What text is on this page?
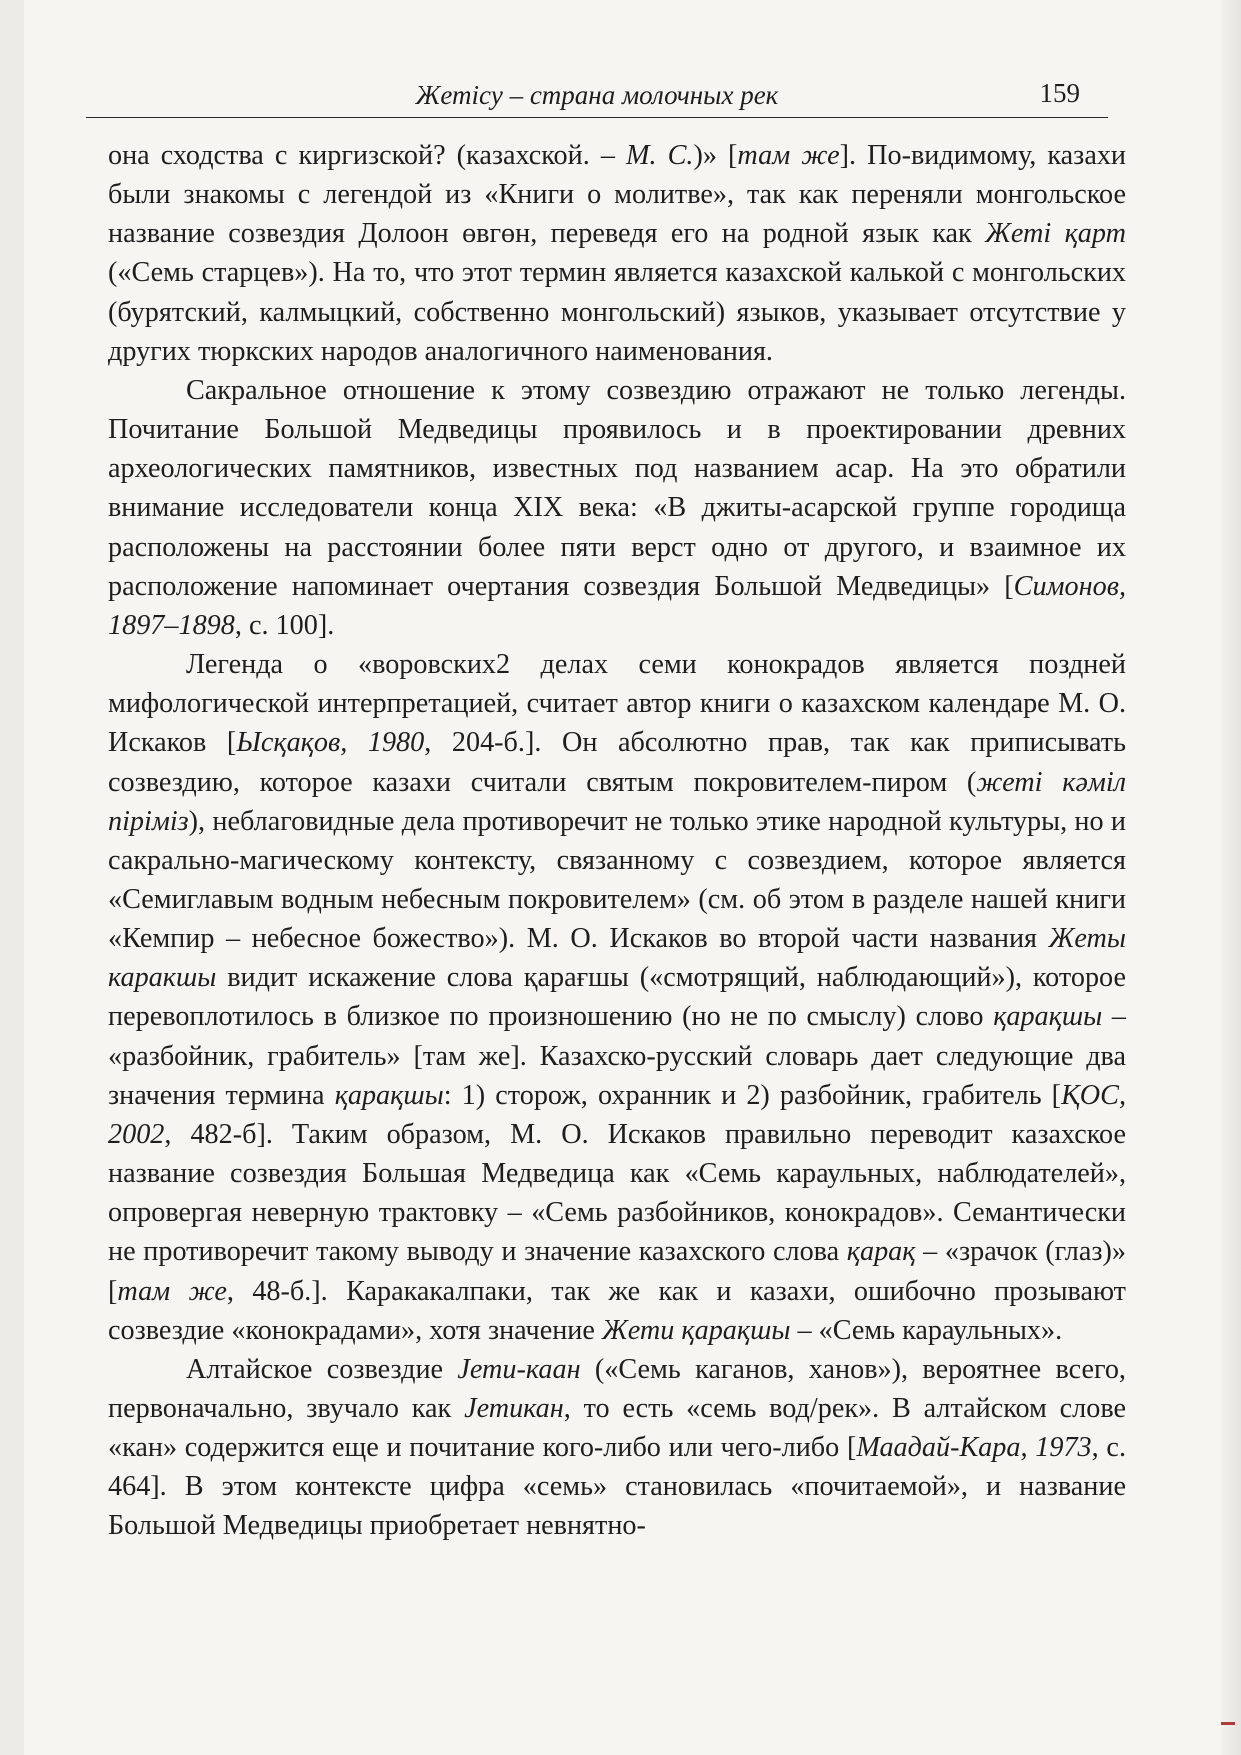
Жетісу – страна молочных рек	159

она сходства с киргизской? (казахской. – М. С.)» [там же]. По-видимому, казахи были знакомы с легендой из «Книги о молитве», так как переняли монгольское название созвездия Долоон өвгөн, переведя его на родной язык как Жеті қарт («Семь старцев»). На то, что этот термин является казахской калькой с монгольских (бурятский, калмыцкий, собственно монгольский) языков, указывает отсутствие у других тюркских народов аналогичного наименования.

Сакральное отношение к этому созвездию отражают не только легенды. Почитание Большой Медведицы проявилось и в проектировании древних археологических памятников, известных под названием асар. На это обратили внимание исследователи конца XIX века: «В джиты-асарской группе городища расположены на расстоянии более пяти верст одно от другого, и взаимное их расположение напоминает очертания созвездия Большой Медведицы» [Симонов, 1897–1898, с. 100].

Легенда о «воровских2 делах семи конокрадов является поздней мифологической интерпретацией, считает автор книги о казахском календаре М. О. Искаков [Ысқақов, 1980, 204-б.]. Он абсолютно прав, так как приписывать созвездию, которое казахи считали святым покровителем-пиром (жеті кәміл піріміз), неблаговидные дела противоречит не только этике народной культуры, но и сакрально-магическому контексту, связанному с созвездием, которое является «Семиглавым водным небесным покровителем» (см. об этом в разделе нашей книги «Кемпир – небесное божество»). М. О. Искаков во второй части названия Жеты каракшы видит искажение слова қарағшы («смотрящий, наблюдающий»), которое перевоплотилось в близкое по произношению (но не по смыслу) слово қарақшы – «разбойник, грабитель» [там же]. Казахско-русский словарь дает следующие два значения термина қарақшы: 1) сторож, охранник и 2) разбойник, грабитель [ҚОС, 2002, 482-б]. Таким образом, М. О. Искаков правильно переводит казахское название созвездия Большая Медведица как «Семь караульных, наблюдателей», опровергая неверную трактовку – «Семь разбойников, конокрадов». Семантически не противоречит такому выводу и значение казахского слова қарақ – «зрачок (глаз)» [там же, 48-б.]. Каракакалпаки, так же как и казахи, ошибочно прозывают созвездие «конокрадами», хотя значение Жети қарақшы – «Семь караульных».

Алтайское созвездие Јети-каан («Семь каганов, ханов»), вероятнее всего, первоначально, звучало как Јетикан, то есть «семь вод/рек». В алтайском слове «кан» содержится еще и почитание кого-либо или чего-либо [Маадай-Кара, 1973, с. 464]. В этом контексте цифра «семь» становилась «почитаемой», и название Большой Медведицы приобретает невнятно-
